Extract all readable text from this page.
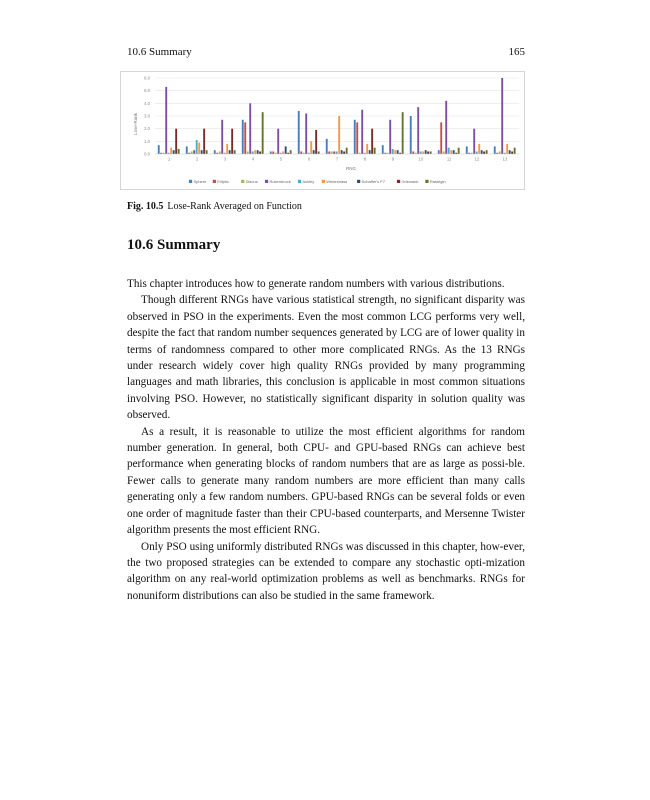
10.6 Summary	165
0.0
1.0
2.0
3.0
4.0
5.0
6.0
1	2	3	4	5	6	7	8	9	10	11	12	13
Lose-Rank
RNG
Sphere	Elliptic	Discus	Rosenbrock	Ackley	Weierstrass	Schaffer's F7	Griewank	Rastrigin
Fig. 10.5 Lose-Rank Averaged on Function
10.6 Summary

This chapter introduces how to generate random numbers with various distributions.

Though different RNGs have various statistical strength, no significant disparity was observed in PSO in the experiments. Even the most common LCG performs very well, despite the fact that random number sequences generated by LCG are of lower quality in terms of randomness compared to other more complicated RNGs. As the 13 RNGs under research widely cover high quality RNGs provided by many programming languages and math libraries, this conclusion is applicable in most common situations involving PSO. However, no statistically significant disparity in solution quality was observed.

As a result, it is reasonable to utilize the most efficient algorithms for random number generation. In general, both CPU- and GPU-based RNGs can achieve best performance when generating blocks of random numbers that are as large as possi-ble. Fewer calls to generate many random numbers are more efficient than many calls generating only a few random numbers. GPU-based RNGs can be several folds or even one order of magnitude faster than their CPU-based counterparts, and Mersenne Twister algorithm presents the most efficient RNG.

Only PSO using uniformly distributed RNGs was discussed in this chapter, how-ever, the two proposed strategies can be extended to compare any stochastic opti-mization algorithm on any real-world optimization problems as well as benchmarks. RNGs for nonuniform distributions can also be studied in the same framework.
